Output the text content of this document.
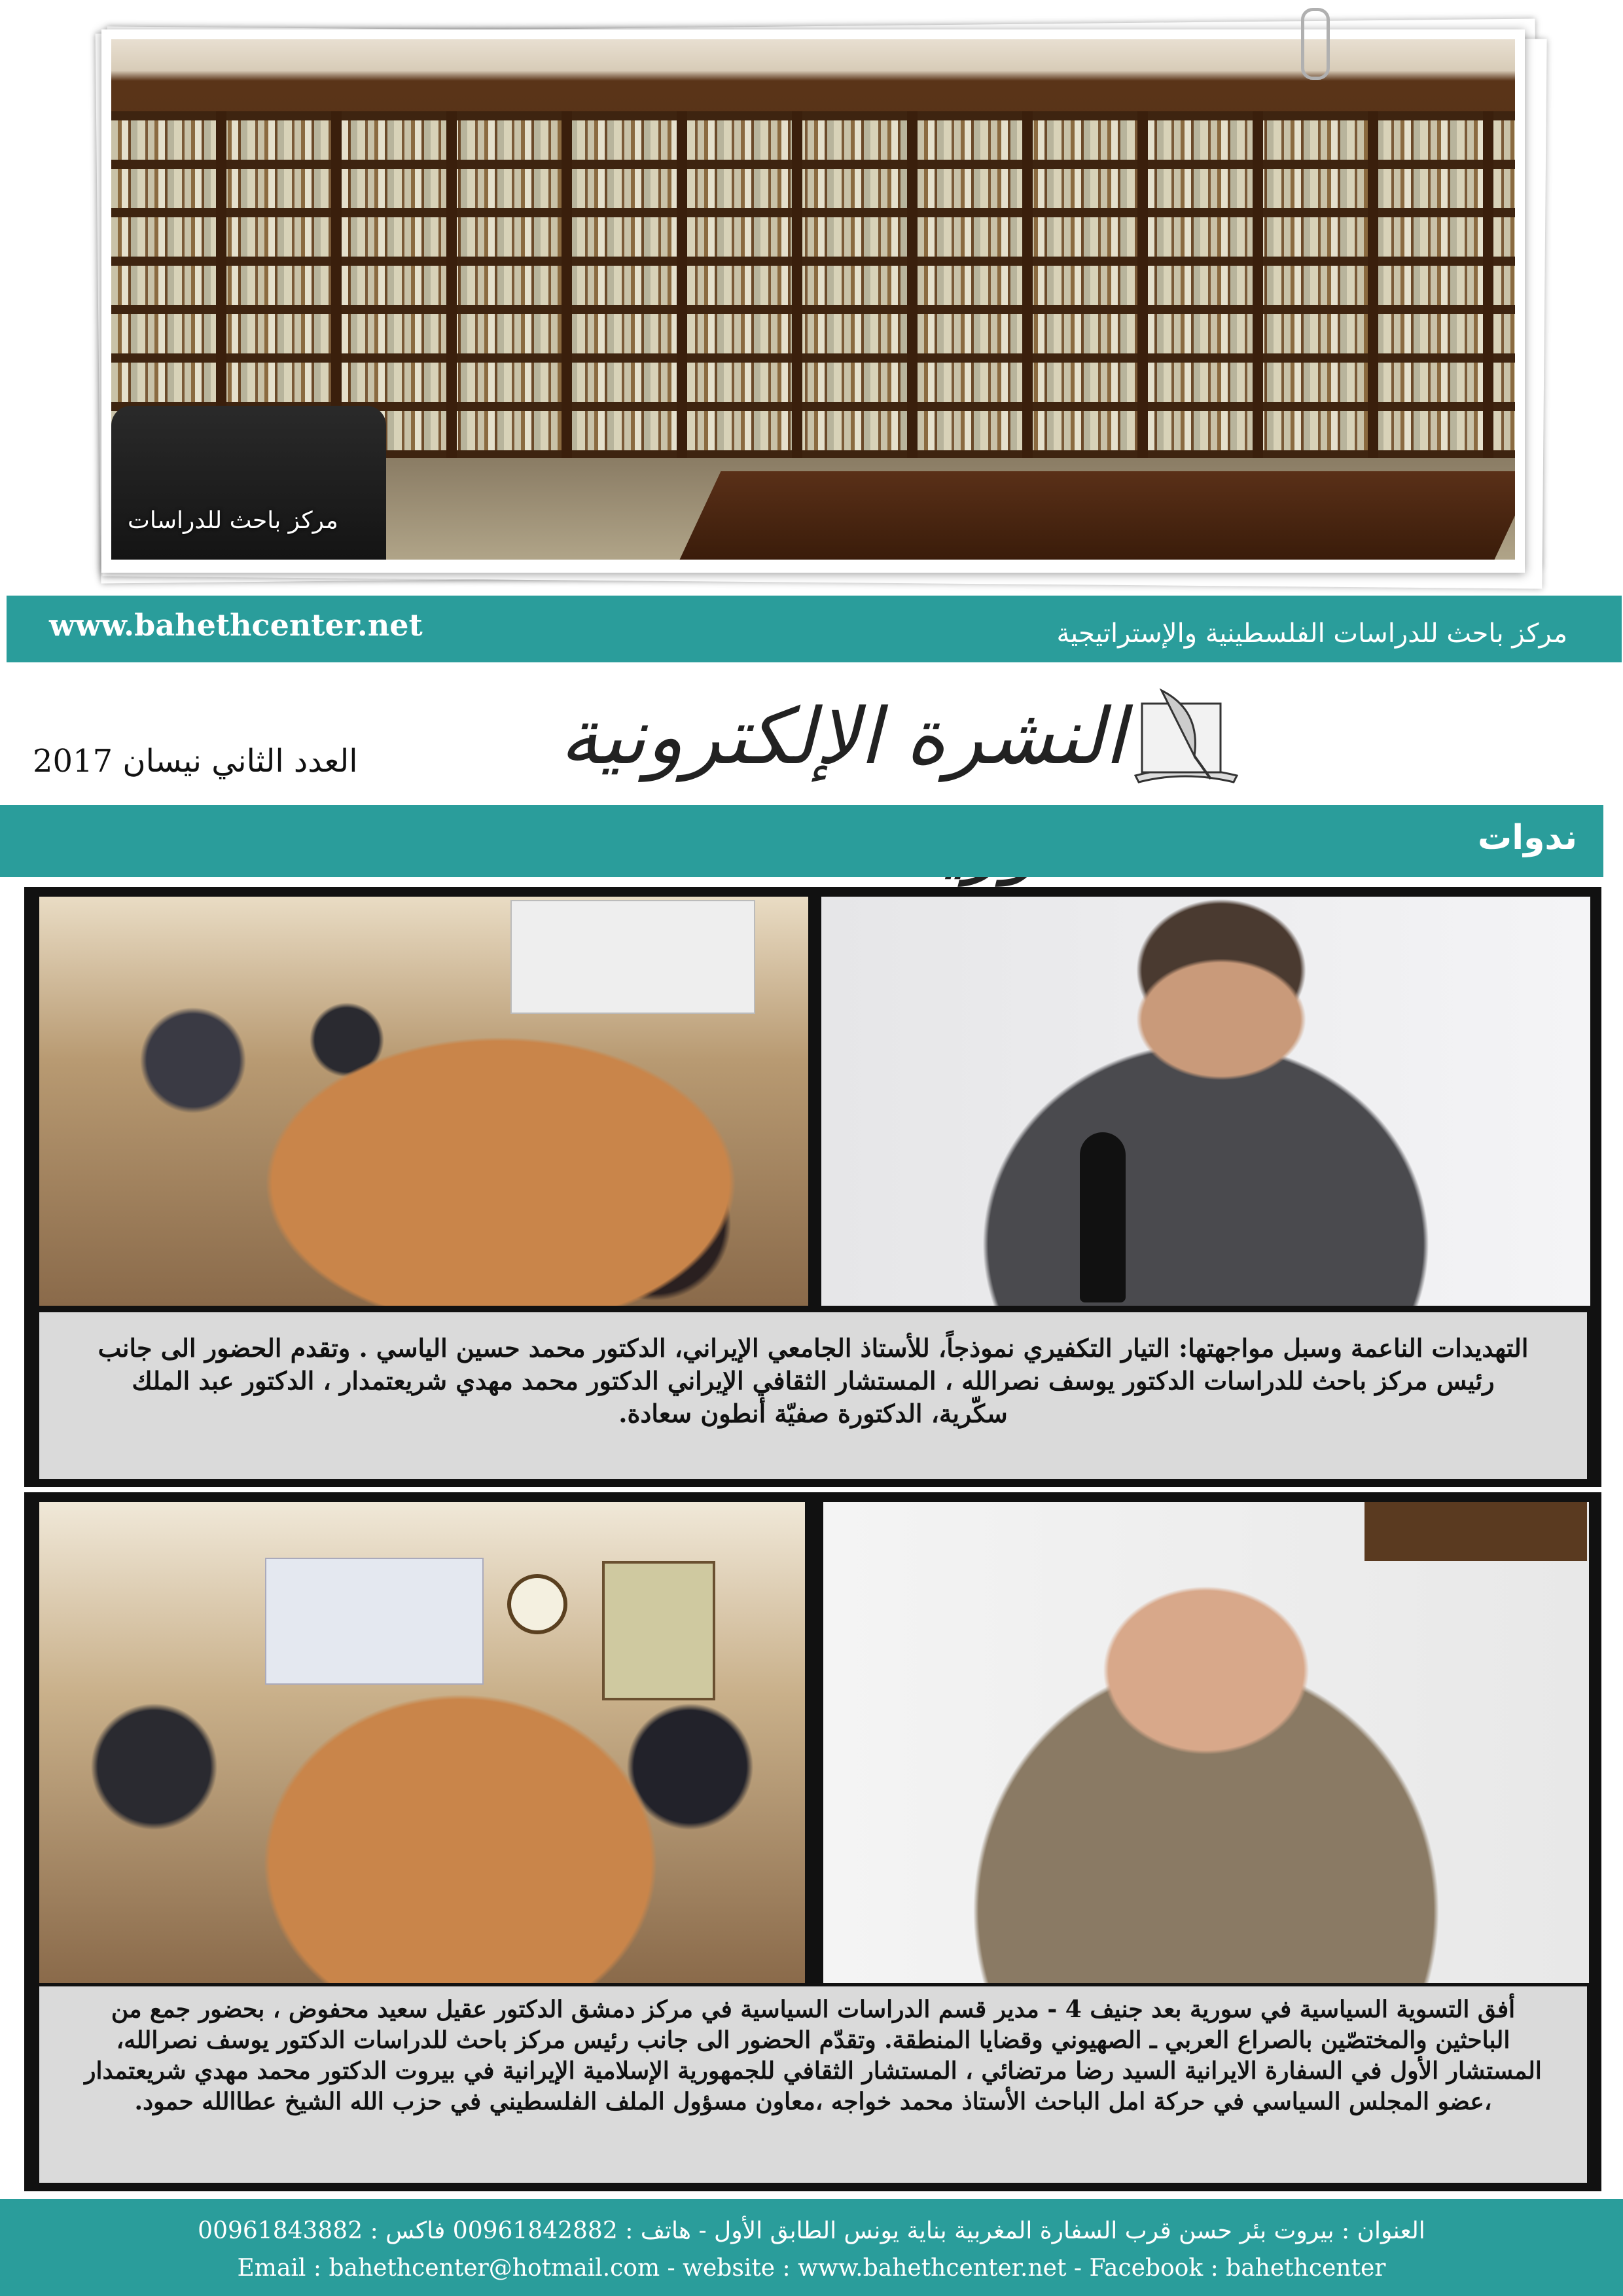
مركز باحث للدراسات
www.bahethcenter.net	مركز باحث للدراسات الفلسطينية والإستراتيجية
النشرة الإلكترونية
العدد الثاني نيسان 2017
ندوات
التهديدات الناعمة وسبل مواجهتها: التيار التكفيري نموذجاً، للأستاذ الجامعي الإيراني، الدكتور محمد حسين الياسي . وتقدم الحضور الى جانب رئيس مركز باحث للدراسات الدكتور يوسف نصرالله ، المستشار الثقافي الإيراني الدكتور محمد مهدي شريعتمدار ، الدكتور عبد الملك سكّرية، الدكتورة صفيّة أنطون سعادة.
أفق التسوية السياسية في سورية بعد جنيف 4 - مدير قسم الدراسات السياسية في مركز دمشق الدكتور عقيل سعيد محفوض ، بحضور جمع من الباحثين والمختصّين بالصراع العربي ـ الصهيوني وقضايا المنطقة. وتقدّم الحضور الى جانب رئيس مركز باحث للدراسات الدكتور يوسف نصرالله، المستشار الأول في السفارة الايرانية السيد رضا مرتضائي ، المستشار الثقافي للجمهورية الإسلامية الإيرانية في بيروت الدكتور محمد مهدي شريعتمدار ،عضو المجلس السياسي في حركة امل الباحث الأستاذ محمد خواجه ،معاون مسؤول الملف الفلسطيني في حزب الله الشيخ عطاالله حمود.
العنوان : بيروت بئر حسن قرب السفارة المغربية بناية يونس الطابق الأول - هاتف : 00961842882 فاكس : 00961843882
Email : bahethcenter@hotmail.com - website : www.bahethcenter.net - Facebook : bahethcenter
